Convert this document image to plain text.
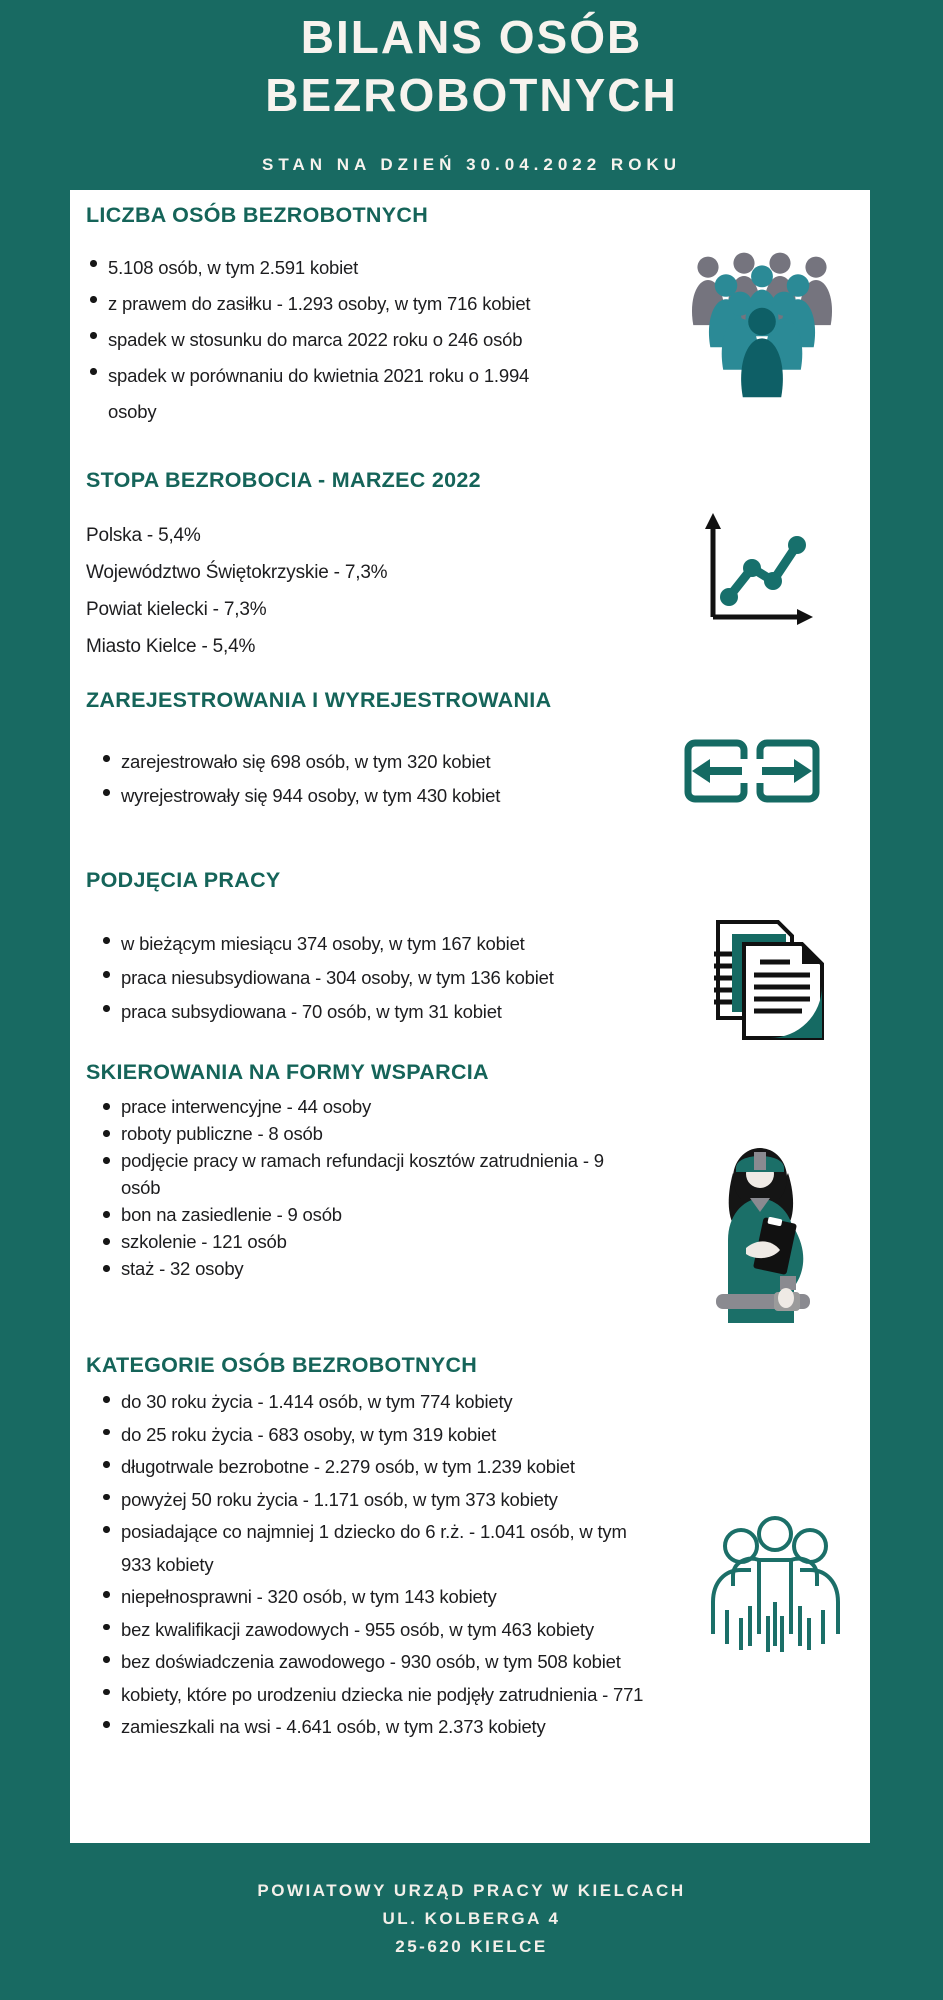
BILANS OSÓB
BEZROBOTNYCH
STAN NA DZIEŃ 30.04.2022 ROKU
LICZBA OSÓB BEZROBOTNYCH
5.108 osób, w tym 2.591 kobiet
z prawem do zasiłku - 1.293 osoby, w tym 716 kobiet
spadek w stosunku do marca 2022 roku o 246 osób
spadek w porównaniu do kwietnia 2021 roku o 1.994 osoby
STOPA BEZROBOCIA - MARZEC 2022
Polska - 5,4%
Województwo Świętokrzyskie - 7,3%
Powiat kielecki - 7,3%
Miasto Kielce - 5,4%
ZAREJESTROWANIA I WYREJESTROWANIA
zarejestrowało się 698 osób, w tym 320 kobiet
wyrejestrowały się 944 osoby, w tym 430 kobiet
PODJĘCIA PRACY
w bieżącym miesiącu 374 osoby, w tym 167 kobiet
praca niesubsydiowana - 304 osoby, w tym 136 kobiet
praca subsydiowana - 70 osób, w tym 31 kobiet
SKIEROWANIA NA FORMY WSPARCIA
prace interwencyjne - 44 osoby
roboty publiczne - 8 osób
podjęcie pracy w ramach refundacji kosztów zatrudnienia - 9 osób
bon na zasiedlenie - 9 osób
szkolenie - 121 osób
staż - 32 osoby
KATEGORIE OSÓB BEZROBOTNYCH
do 30 roku życia - 1.414 osób, w tym 774 kobiety
do 25 roku życia - 683 osoby, w tym 319 kobiet
długotrwale bezrobotne - 2.279 osób, w tym 1.239 kobiet
powyżej 50 roku życia - 1.171 osób, w tym 373 kobiety
posiadające co najmniej 1 dziecko do 6 r.ż. - 1.041 osób, w tym 933 kobiety
niepełnosprawni - 320 osób, w tym 143 kobiety
bez kwalifikacji zawodowych - 955 osób, w tym 463 kobiety
bez doświadczenia zawodowego - 930 osób, w tym 508 kobiet
kobiety, które po urodzeniu dziecka nie podjęły zatrudnienia - 771
zamieszkali na wsi - 4.641 osób, w tym 2.373 kobiety
POWIATOWY URZĄD PRACY W KIELCACH
UL. KOLBERGA 4
25-620 KIELCE
